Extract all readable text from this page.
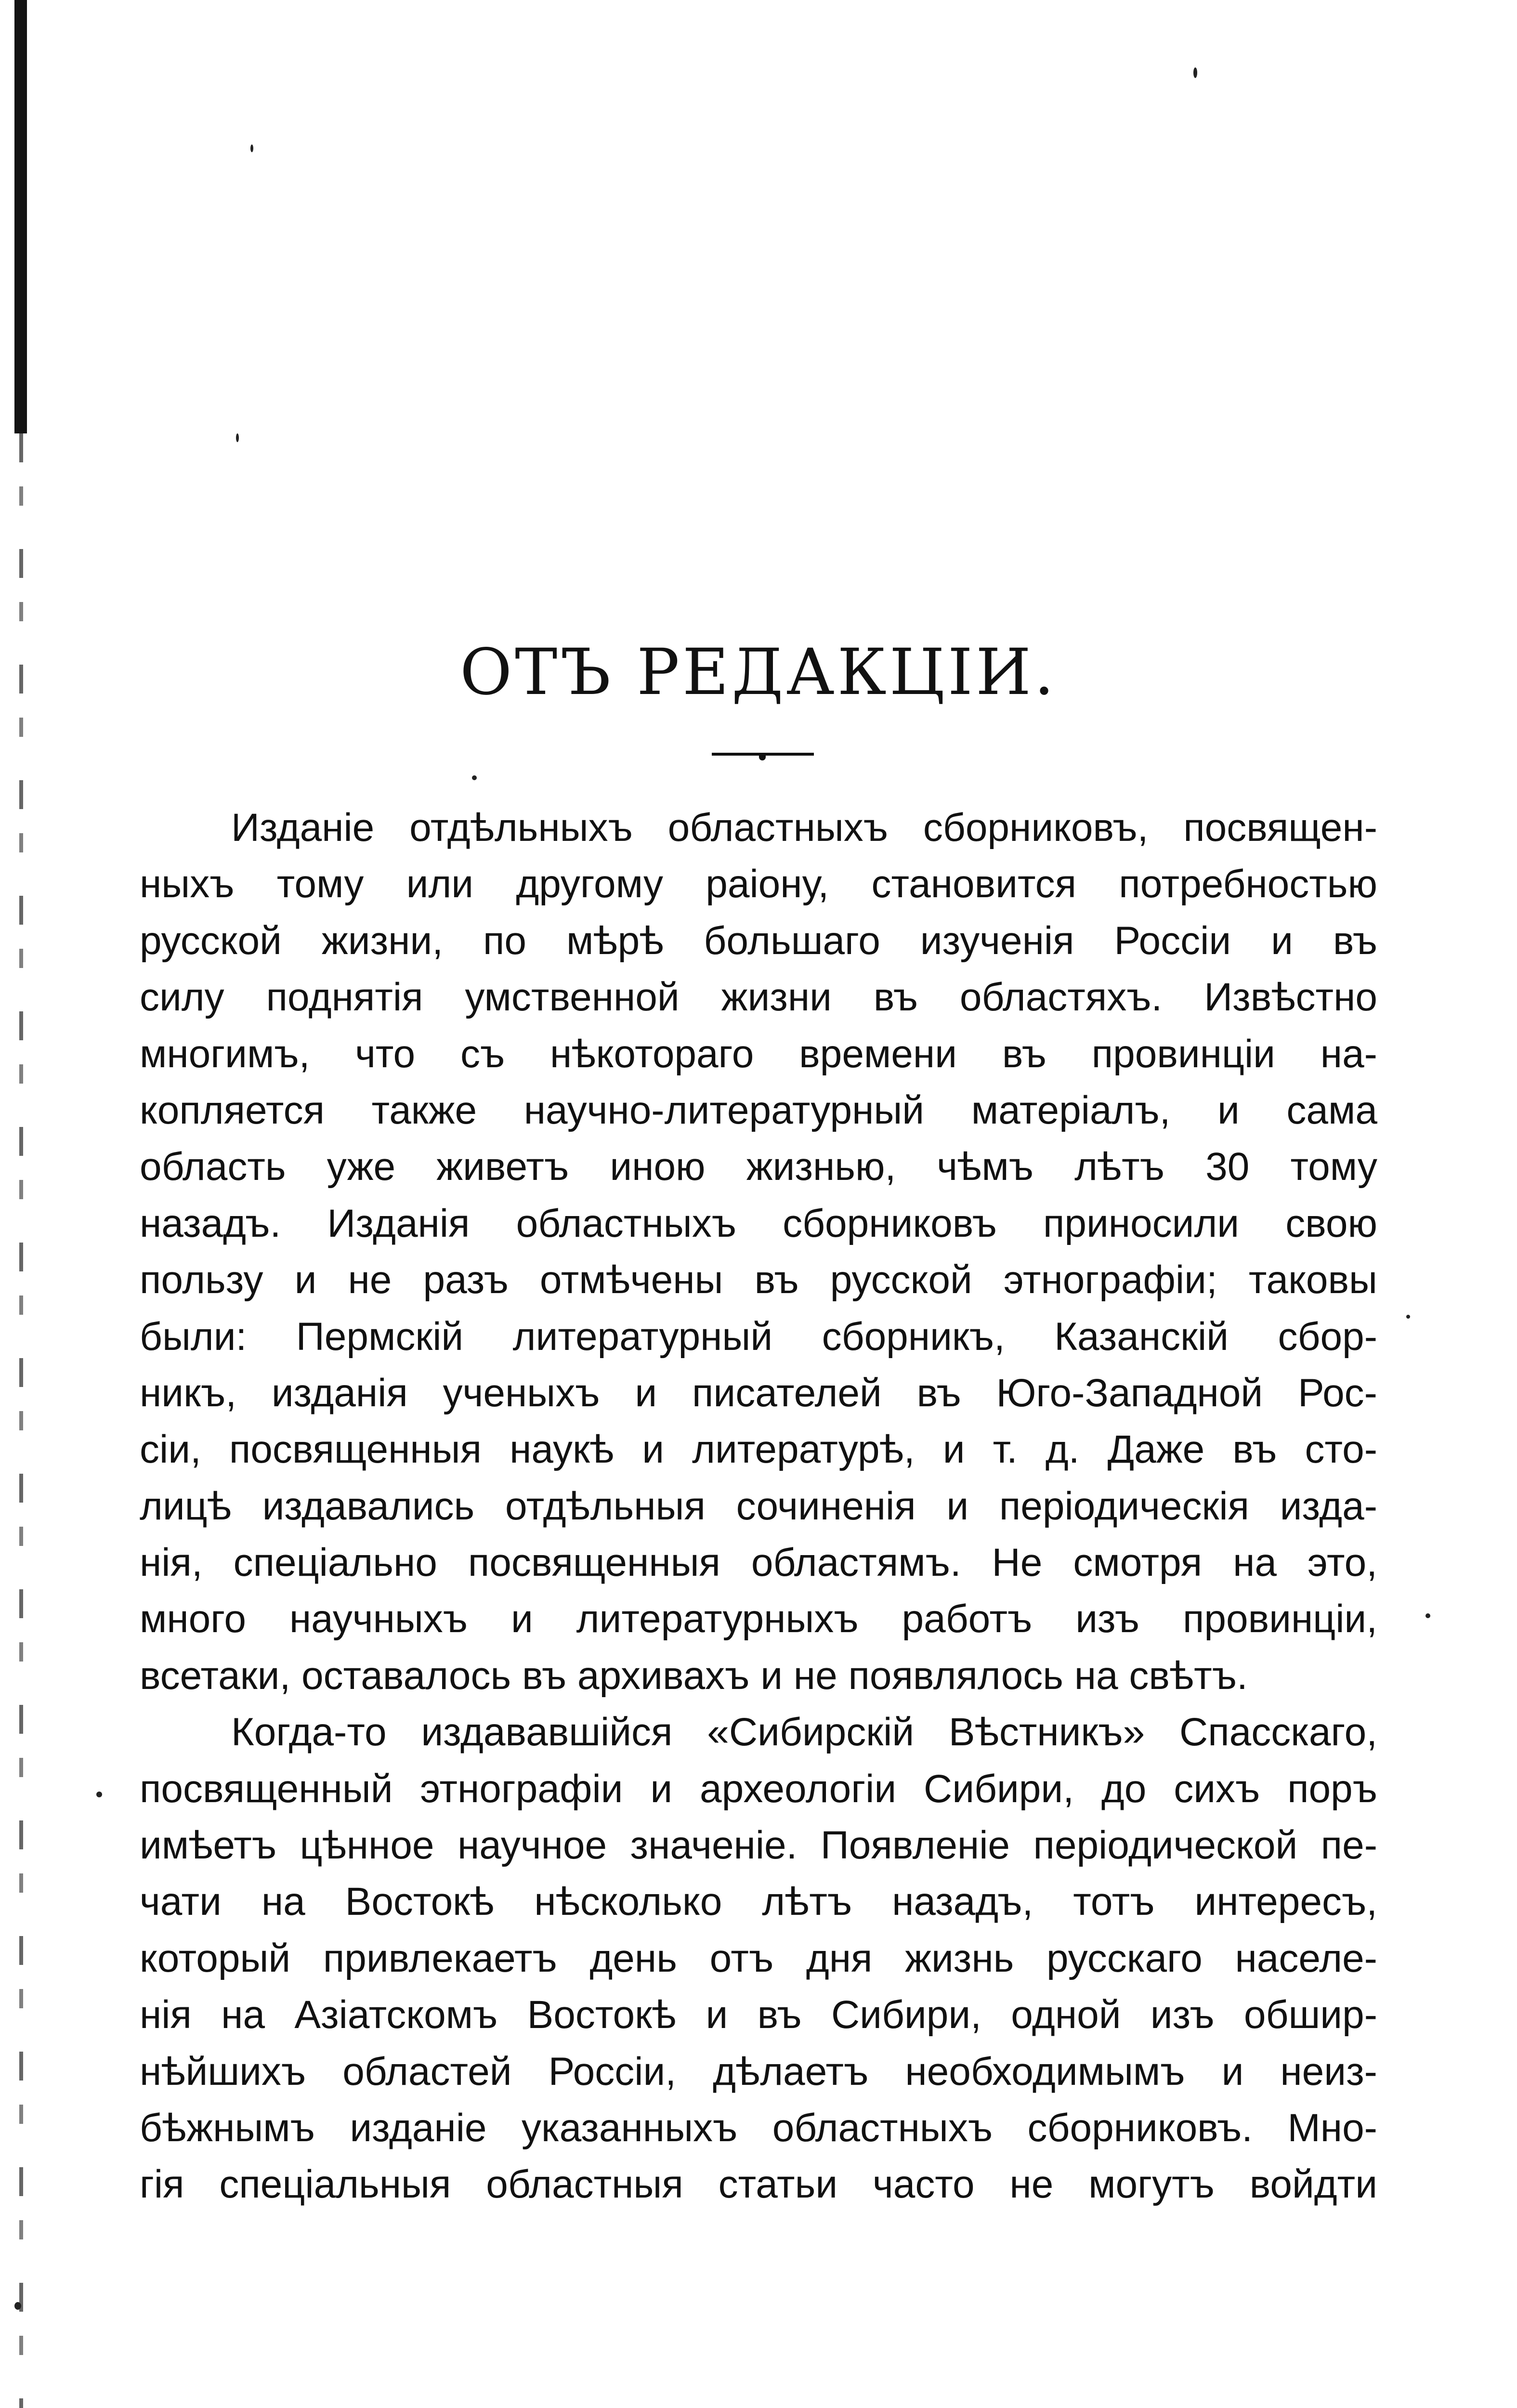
ОТЪ РЕДАКЦІИ.
Изданіе отдѣльныхъ областныхъ сборниковъ, посвящен-
ныхъ тому или другому раіону, становится потребностью
русской жизни, по мѣрѣ большаго изученія Россіи и въ
силу поднятія умственной жизни въ областяхъ. Извѣстно
многимъ, что съ нѣкотораго времени въ провинціи на-
копляется также научно-литературный матеріалъ, и сама
область уже живетъ иною жизнью, чѣмъ лѣтъ 30 тому
назадъ. Изданія областныхъ сборниковъ приносили свою
пользу и не разъ отмѣчены въ русской этнографіи; таковы
были: Пермскій литературный сборникъ, Казанскій сбор-
никъ, изданія ученыхъ и писателей въ Юго-Западной Рос-
сіи, посвященныя наукѣ и литературѣ, и т. д. Даже въ сто-
лицѣ издавались отдѣльныя сочиненія и періодическія изда-
нія, спеціально посвященныя областямъ. Не смотря на это,
много научныхъ и литературныхъ работъ изъ провинціи,
всетаки, оставалось въ архивахъ и не появлялось на свѣтъ.
Когда-то издававшійся «Сибирскій Вѣстникъ» Спасскаго,
посвященный этнографіи и археологіи Сибири, до сихъ поръ
имѣетъ цѣнное научное значеніе. Появленіе періодической пе-
чати на Востокѣ нѣсколько лѣтъ назадъ, тотъ интересъ,
который привлекаетъ день отъ дня жизнь русскаго населе-
нія на Азіатскомъ Востокѣ и въ Сибири, одной изъ обшир-
нѣйшихъ областей Россіи, дѣлаетъ необходимымъ и неиз-
бѣжнымъ изданіе указанныхъ областныхъ сборниковъ. Мно-
гія спеціальныя областныя статьи часто не могутъ войдти
